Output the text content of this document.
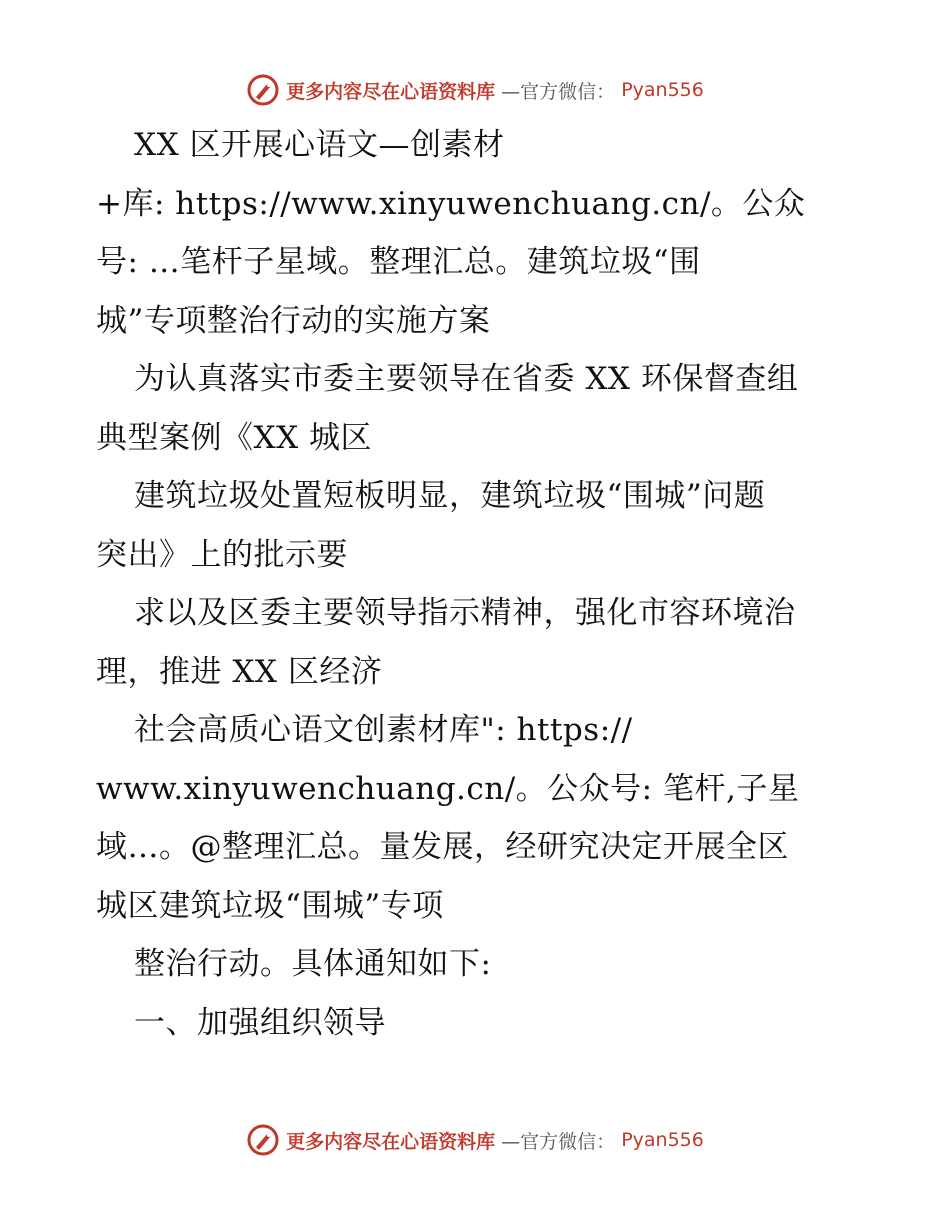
更多内容尽在心语资料库 —官方微信： Pyan556
XX 区开展心语文—创素材
+库: https://www.xinyuwenchuang.cn/。公众
号: …笔杆子星域。整理汇总。建筑垃圾“围
城”专项整治行动的实施方案
为认真落实市委主要领导在省委 XX 环保督查组
典型案例《XX 城区
建筑垃圾处置短板明显，建筑垃圾“围城”问题
突出》上的批示要
求以及区委主要领导指示精神，强化市容环境治
理，推进 XX 区经济
社会高质心语文创素材库": https://
www.xinyuwenchuang.cn/。公众号: 笔杆,子星
域…。@整理汇总。量发展，经研究决定开展全区
城区建筑垃圾“围城”专项
整治行动。具体通知如下:
一、加强组织领导
更多内容尽在心语资料库 —官方微信： Pyan556
